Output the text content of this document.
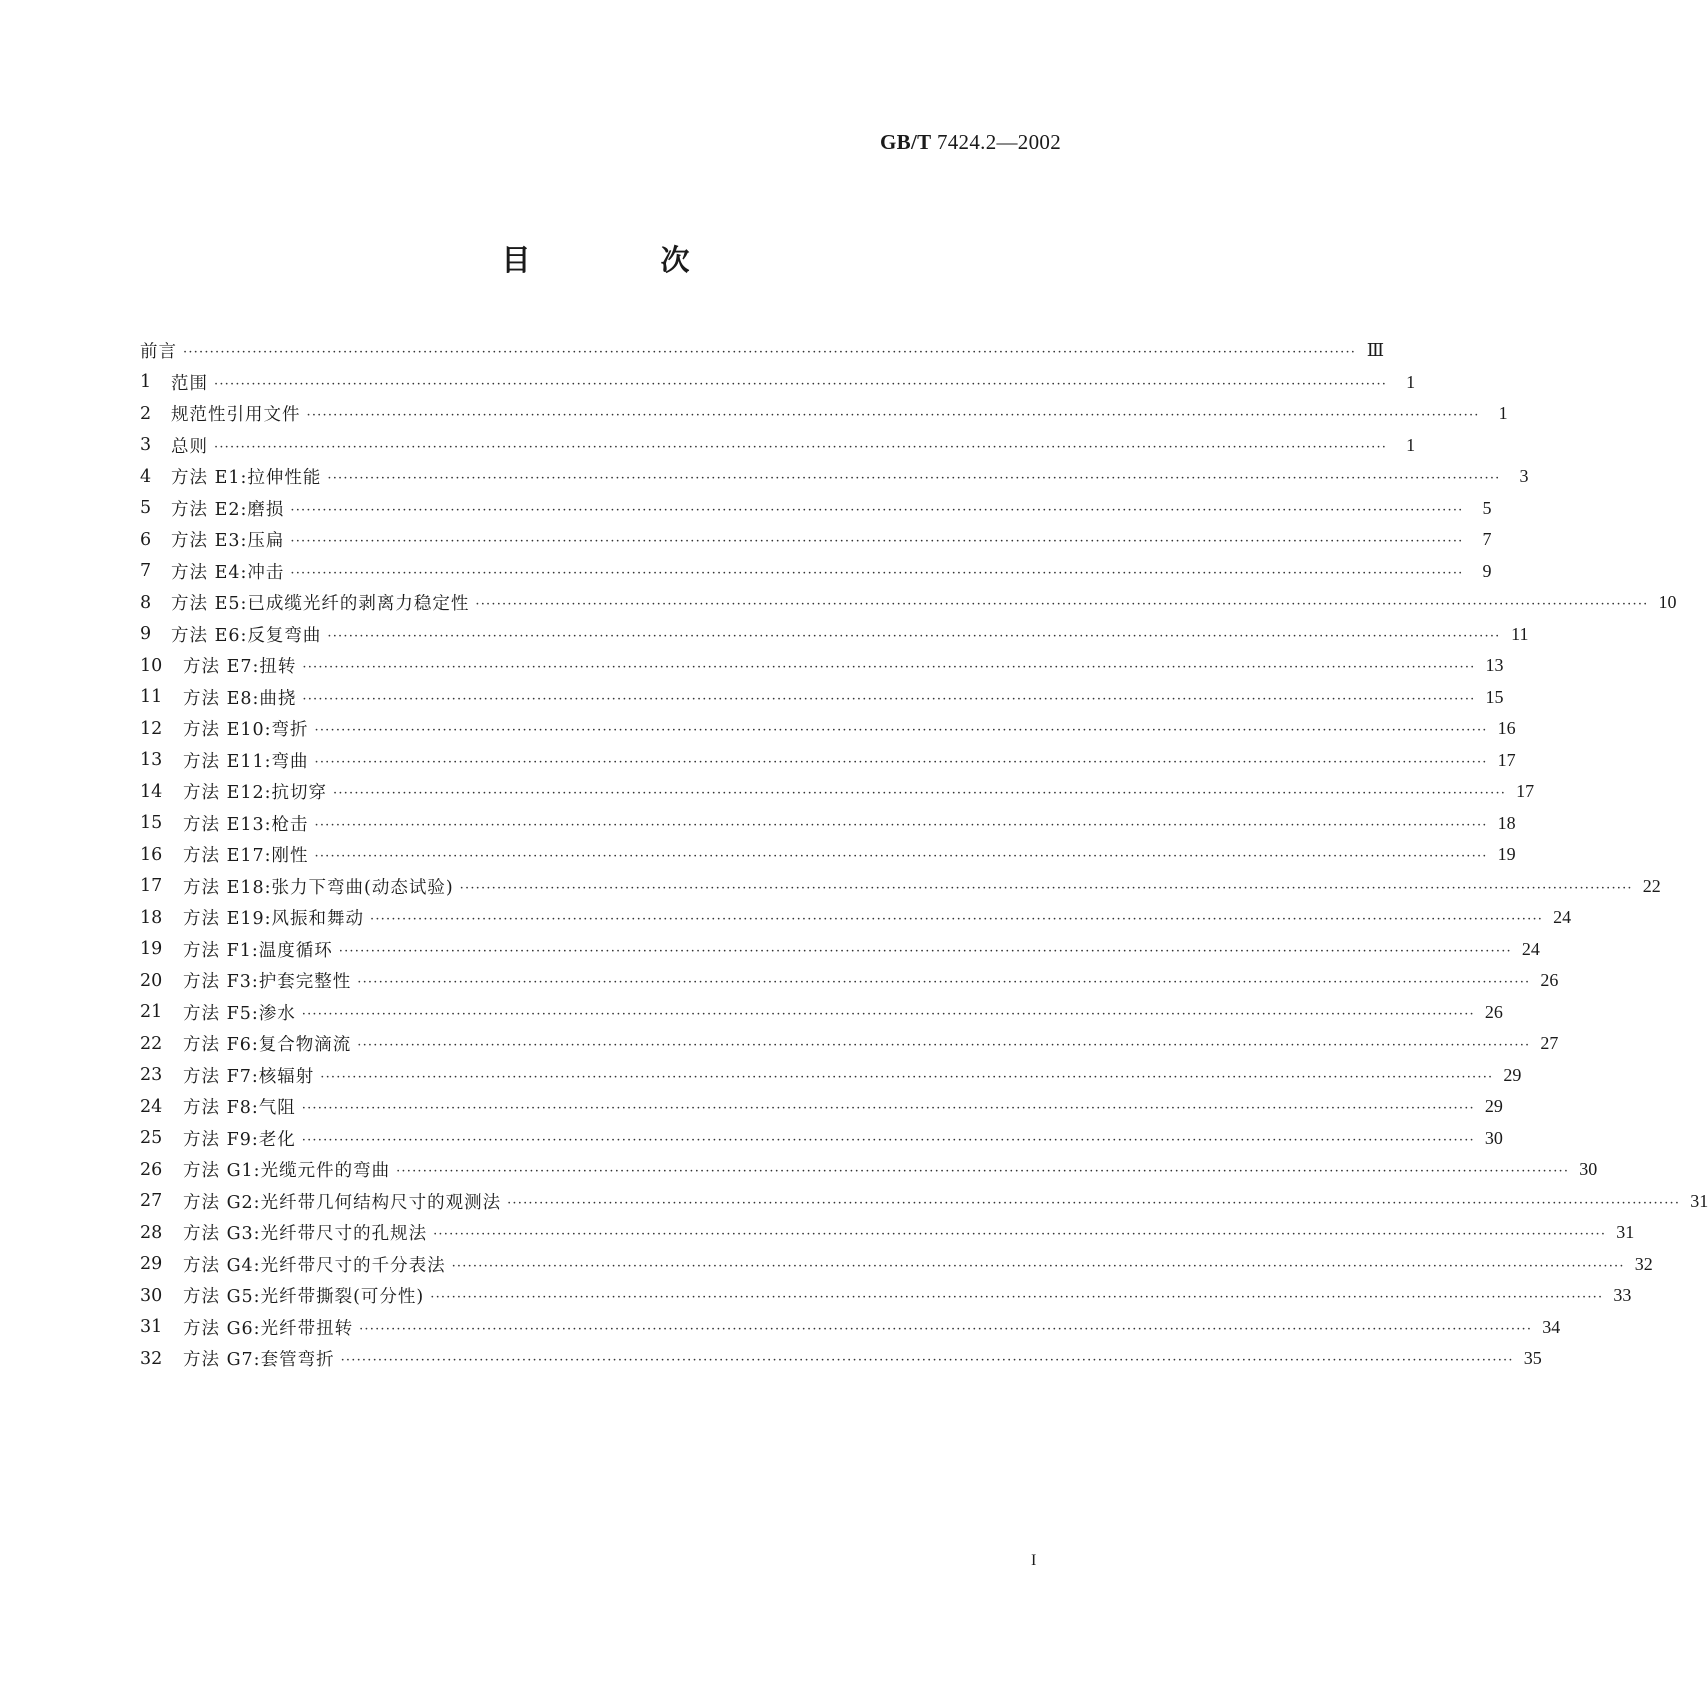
GB/T 7424.2—2002
目 次
前言 ···························································································································································································································· Ⅲ
1	范围 ····························································································································································································································	1
2	规范性引用文件 ····························································································································································································································	1
3	总则 ····························································································································································································································	1
4	方法 E1:拉伸性能 ····························································································································································································································	3
5	方法 E2:磨损 ····························································································································································································································	5
6	方法 E3:压扁 ····························································································································································································································	7
7	方法 E4:冲击 ····························································································································································································································	9
8	方法 E5:已成缆光纤的剥离力稳定性 ···························································································································································································································· 10
9	方法 E6:反复弯曲 ···························································································································································································································· 11
10	方法 E7:扭转 ···························································································································································································································· 13
11	方法 E8:曲挠 ···························································································································································································································· 15
12	方法 E10:弯折 ···························································································································································································································· 16
13	方法 E11:弯曲 ···························································································································································································································· 17
14	方法 E12:抗切穿 ···························································································································································································································· 17
15	方法 E13:枪击 ···························································································································································································································· 18
16	方法 E17:刚性 ···························································································································································································································· 19
17	方法 E18:张力下弯曲(动态试验) ···························································································································································································································· 22
18	方法 E19:风振和舞动 ···························································································································································································································· 24
19	方法 F1:温度循环 ···························································································································································································································· 24
20	方法 F3:护套完整性 ···························································································································································································································· 26
21	方法 F5:渗水 ···························································································································································································································· 26
22	方法 F6:复合物滴流 ···························································································································································································································· 27
23	方法 F7:核辐射 ···························································································································································································································· 29
24	方法 F8:气阻 ···························································································································································································································· 29
25	方法 F9:老化 ···························································································································································································································· 30
26	方法 G1:光缆元件的弯曲 ···························································································································································································································· 30
27	方法 G2:光纤带几何结构尺寸的观测法 ···························································································································································································································· 31
28	方法 G3:光纤带尺寸的孔规法 ···························································································································································································································· 31
29	方法 G4:光纤带尺寸的千分表法 ···························································································································································································································· 32
30	方法 G5:光纤带撕裂(可分性) ···························································································································································································································· 33
31	方法 G6:光纤带扭转 ···························································································································································································································· 34
32	方法 G7:套管弯折 ···························································································································································································································· 35
I
